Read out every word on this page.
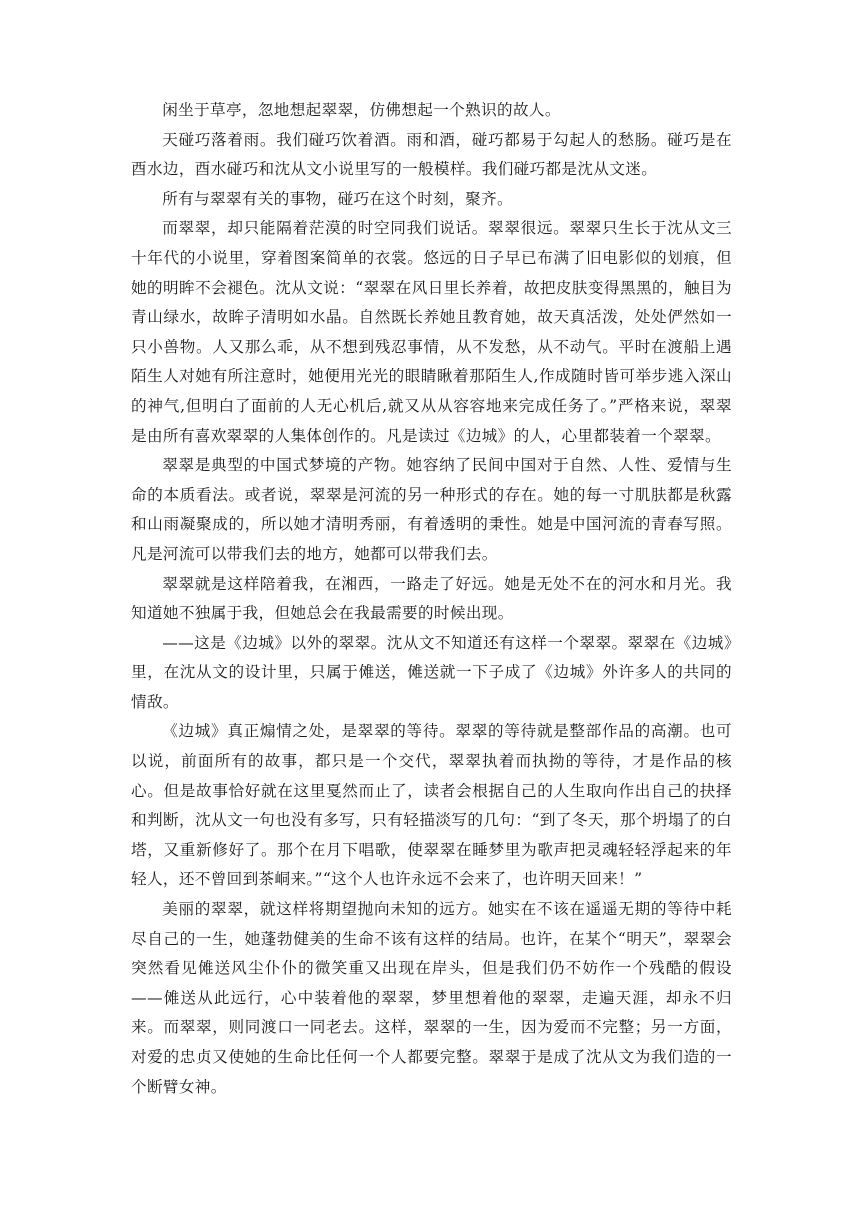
闲坐于草亭，忽地想起翠翠，仿佛想起一个熟识的故人。

天碰巧落着雨。我们碰巧饮着酒。雨和酒，碰巧都易于勾起人的愁肠。碰巧是在酉水边，酉水碰巧和沈从文小说里写的一般模样。我们碰巧都是沈从文迷。

所有与翠翠有关的事物，碰巧在这个时刻，聚齐。

而翠翠，却只能隔着茫漠的时空同我们说话。翠翠很远。翠翠只生长于沈从文三十年代的小说里，穿着图案简单的衣裳。悠远的日子早已布满了旧电影似的划痕，但她的明眸不会褪色。沈从文说：“翠翠在风日里长养着，故把皮肤变得黑黑的，触目为青山绿水，故眸子清明如水晶。自然既长养她且教育她，故天真活泼，处处俨然如一只小兽物。人又那么乖，从不想到残忍事情，从不发愁，从不动气。平时在渡船上遇陌生人对她有所注意时，她便用光光的眼睛瞅着那陌生人,作成随时皆可举步逃入深山的神气,但明白了面前的人无心机后,就又从从容容地来完成任务了。”严格来说，翠翠是由所有喜欢翠翠的人集体创作的。凡是读过《边城》的人，心里都装着一个翠翠。

翠翠是典型的中国式梦境的产物。她容纳了民间中国对于自然、人性、爱情与生命的本质看法。或者说，翠翠是河流的另一种形式的存在。她的每一寸肌肤都是秋露和山雨凝聚成的，所以她才清明秀丽，有着透明的秉性。她是中国河流的青春写照。凡是河流可以带我们去的地方，她都可以带我们去。

翠翠就是这样陪着我，在湘西，一路走了好远。她是无处不在的河水和月光。我知道她不独属于我，但她总会在我最需要的时候出现。

——这是《边城》以外的翠翠。沈从文不知道还有这样一个翠翠。翠翠在《边城》里，在沈从文的设计里，只属于傩送，傩送就一下子成了《边城》外许多人的共同的情敌。

《边城》真正煽情之处，是翠翠的等待。翠翠的等待就是整部作品的高潮。也可以说，前面所有的故事，都只是一个交代，翠翠执着而执拗的等待，才是作品的核心。但是故事恰好就在这里戛然而止了，读者会根据自己的人生取向作出自己的抉择和判断，沈从文一句也没有多写，只有轻描淡写的几句：“到了冬天，那个坍塌了的白塔，又重新修好了。那个在月下唱歌，使翠翠在睡梦里为歌声把灵魂轻轻浮起来的年轻人，还不曾回到茶峒来。”“这个人也许永远不会来了，也许明天回来！”

美丽的翠翠，就这样将期望抛向未知的远方。她实在不该在遥遥无期的等待中耗尽自己的一生，她蓬勃健美的生命不该有这样的结局。也许，在某个“明天”，翠翠会突然看见傩送风尘仆仆的微笑重又出现在岸头，但是我们仍不妨作一个残酷的假设——傩送从此远行，心中装着他的翠翠，梦里想着他的翠翠，走遍天涯，却永不归来。而翠翠，则同渡口一同老去。这样，翠翠的一生，因为爱而不完整；另一方面，对爱的忠贞又使她的生命比任何一个人都要完整。翠翠于是成了沈从文为我们造的一个断臂女神。
